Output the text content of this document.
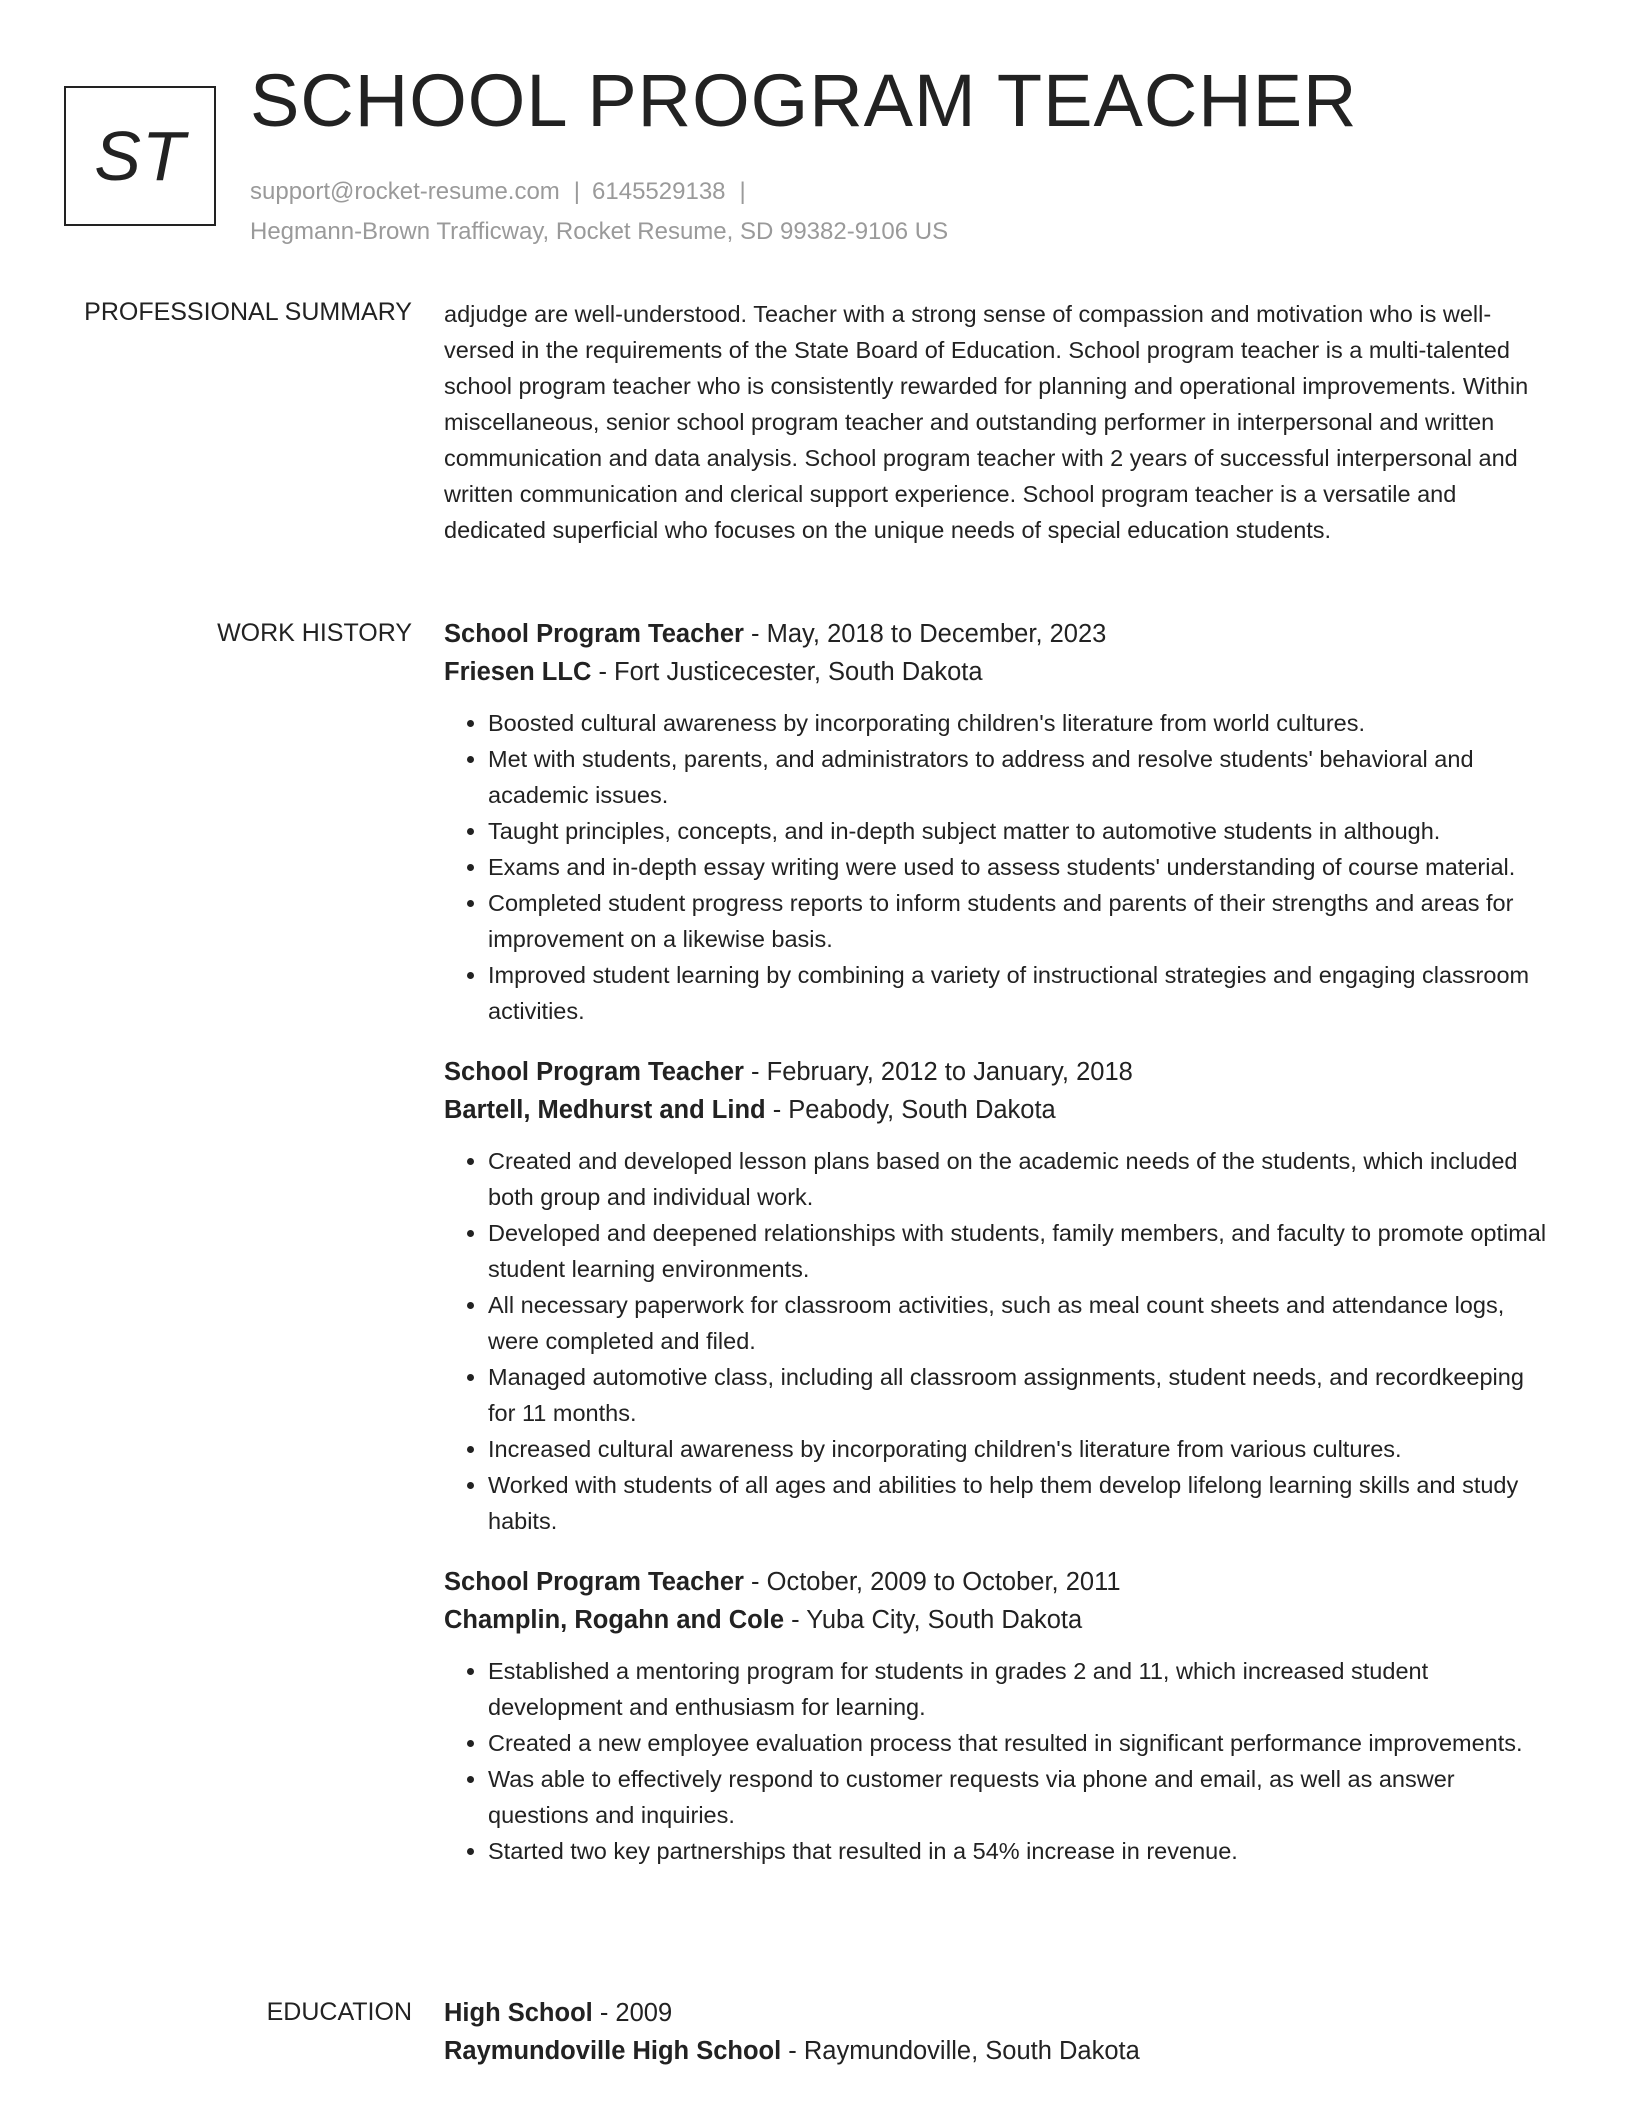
ST
SCHOOL PROGRAM TEACHER
support@rocket-resume.com | 6145529138 |
Hegmann-Brown Trafficway, Rocket Resume, SD 99382-9106 US
PROFESSIONAL SUMMARY adjudge are well-understood. Teacher with a strong sense of compassion and motivation who is well-versed in the requirements of the State Board of Education. School program teacher is a multi-talented school program teacher who is consistently rewarded for planning and operational improvements. Within miscellaneous, senior school program teacher and outstanding performer in interpersonal and written communication and data analysis. School program teacher with 2 years of successful interpersonal and written communication and clerical support experience. School program teacher is a versatile and dedicated superficial who focuses on the unique needs of special education students.
WORK HISTORY School Program Teacher - May, 2018 to December, 2023
Friesen LLC - Fort Justicecester, South Dakota
• Boosted cultural awareness by incorporating children's literature from world cultures.
• Met with students, parents, and administrators to address and resolve students' behavioral and academic issues.
• Taught principles, concepts, and in-depth subject matter to automotive students in although.
• Exams and in-depth essay writing were used to assess students' understanding of course material.
• Completed student progress reports to inform students and parents of their strengths and areas for improvement on a likewise basis.
• Improved student learning by combining a variety of instructional strategies and engaging classroom activities.
School Program Teacher - February, 2012 to January, 2018
Bartell, Medhurst and Lind - Peabody, South Dakota
• Created and developed lesson plans based on the academic needs of the students, which included both group and individual work.
• Developed and deepened relationships with students, family members, and faculty to promote optimal student learning environments.
• All necessary paperwork for classroom activities, such as meal count sheets and attendance logs, were completed and filed.
• Managed automotive class, including all classroom assignments, student needs, and recordkeeping for 11 months.
• Increased cultural awareness by incorporating children's literature from various cultures.
• Worked with students of all ages and abilities to help them develop lifelong learning skills and study habits.
School Program Teacher - October, 2009 to October, 2011
Champlin, Rogahn and Cole - Yuba City, South Dakota
• Established a mentoring program for students in grades 2 and 11, which increased student development and enthusiasm for learning.
• Created a new employee evaluation process that resulted in significant performance improvements.
• Was able to effectively respond to customer requests via phone and email, as well as answer questions and inquiries.
• Started two key partnerships that resulted in a 54% increase in revenue.
EDUCATION High School - 2009
Raymundoville High School - Raymundoville, South Dakota
